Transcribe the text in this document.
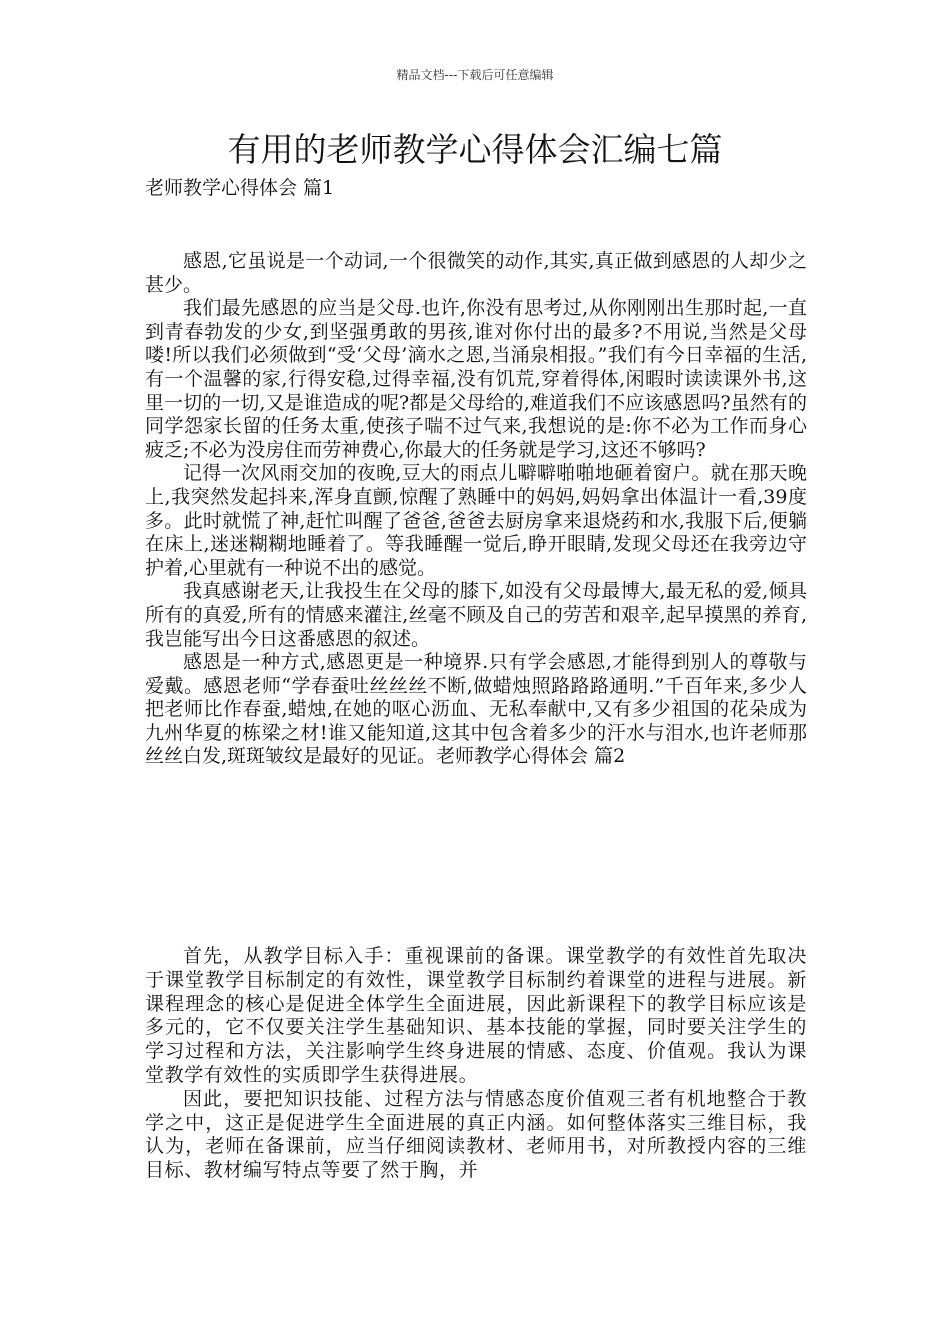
精品文档---下载后可任意编辑
有用的老师教学心得体会汇编七篇
老师教学心得体会 篇1

感恩,它虽说是一个动词,一个很微笑的动作,其实,真正做到感恩的人却少之甚少。

我们最先感恩的应当是父母.也许,你没有思考过,从你刚刚出生那时起,一直到青春勃发的少女,到坚强勇敢的男孩,谁对你付出的最多?不用说,当然是父母喽!所以我们必须做到“受‘父母’滴水之恩,当涌泉相报。”我们有今日幸福的生活,有一个温馨的家,行得安稳,过得幸福,没有饥荒,穿着得体,闲暇时读读课外书,这里一切的一切,又是谁造成的呢?都是父母给的,难道我们不应该感恩吗?虽然有的同学怨家长留的任务太重,使孩子喘不过气来,我想说的是:你不必为工作而身心疲乏;不必为没房住而劳神费心,你最大的任务就是学习,这还不够吗?

记得一次风雨交加的夜晚,豆大的雨点儿噼噼啪啪地砸着窗户。就在那天晚上,我突然发起抖来,浑身直颤,惊醒了熟睡中的妈妈,妈妈拿出体温计一看,39度多。此时就慌了神,赶忙叫醒了爸爸,爸爸去厨房拿来退烧药和水,我服下后,便躺在床上,迷迷糊糊地睡着了。等我睡醒一觉后,睁开眼睛,发现父母还在我旁边守护着,心里就有一种说不出的感觉。

我真感谢老天,让我投生在父母的膝下,如没有父母最博大,最无私的爱,倾具所有的真爱,所有的情感来灌注,丝毫不顾及自己的劳苦和艰辛,起早摸黑的养育,我岂能写出今日这番感恩的叙述。

感恩是一种方式,感恩更是一种境界.只有学会感恩,才能得到别人的尊敬与爱戴。感恩老师“学春蚕吐丝丝丝不断,做蜡烛照路路路通明.”千百年来,多少人把老师比作春蚕,蜡烛,在她的呕心沥血、无私奉献中,又有多少祖国的花朵成为九州华夏的栋梁之材!谁又能知道,这其中包含着多少的汗水与泪水,也许老师那丝丝白发,斑斑皱纹是最好的见证。老师教学心得体会 篇2

首先，从教学目标入手：重视课前的备课。课堂教学的有效性首先取决于课堂教学目标制定的有效性，课堂教学目标制约着课堂的进程与进展。新课程理念的核心是促进全体学生全面进展，因此新课程下的教学目标应该是多元的，它不仅要关注学生基础知识、基本技能的掌握，同时要关注学生的学习过程和方法，关注影响学生终身进展的情感、态度、价值观。我认为课堂教学有效性的实质即学生获得进展。

因此，要把知识技能、过程方法与情感态度价值观三者有机地整合于教学之中，这正是促进学生全面进展的真正内涵。如何整体落实三维目标，我认为，老师在备课前，应当仔细阅读教材、老师用书，对所教授内容的三维目标、教材编写特点等要了然于胸，并
